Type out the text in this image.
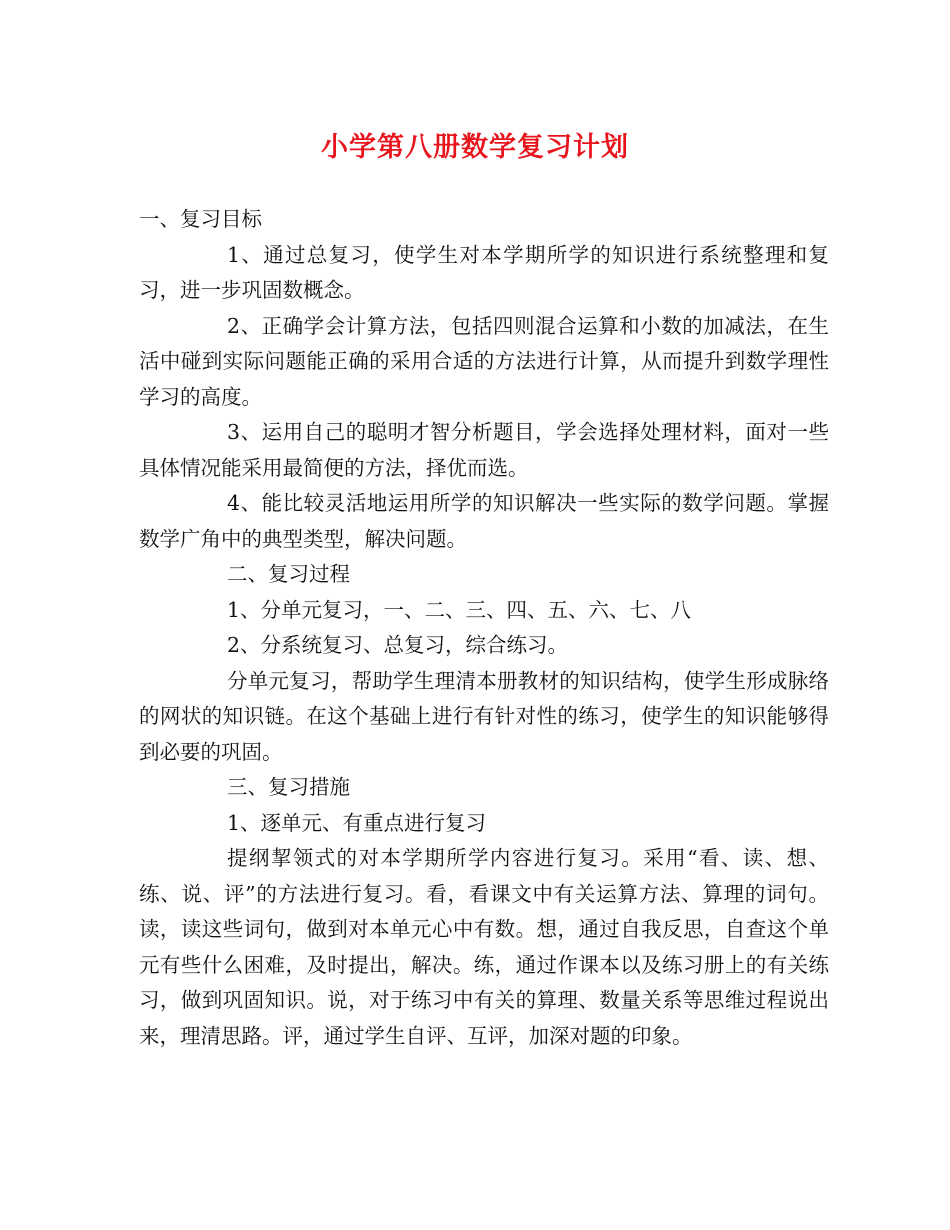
小学第八册数学复习计划

一、复习目标

1、通过总复习，使学生对本学期所学的知识进行系统整理和复习，进一步巩固数概念。

2、正确学会计算方法，包括四则混合运算和小数的加减法，在生活中碰到实际问题能正确的采用合适的方法进行计算，从而提升到数学理性学习的高度。

3、运用自己的聪明才智分析题目，学会选择处理材料，面对一些具体情况能采用最简便的方法，择优而选。

4、能比较灵活地运用所学的知识解决一些实际的数学问题。掌握数学广角中的典型类型，解决问题。

二、复习过程

1、分单元复习，一、二、三、四、五、六、七、八

2、分系统复习、总复习，综合练习。

分单元复习，帮助学生理清本册教材的知识结构，使学生形成脉络的网状的知识链。在这个基础上进行有针对性的练习，使学生的知识能够得到必要的巩固。

三、复习措施

1、逐单元、有重点进行复习

提纲挈领式的对本学期所学内容进行复习。采用“看、读、想、练、说、评”的方法进行复习。看，看课文中有关运算方法、算理的词句。读，读这些词句，做到对本单元心中有数。想，通过自我反思，自查这个单元有些什么困难，及时提出，解决。练，通过作课本以及练习册上的有关练习，做到巩固知识。说，对于练习中有关的算理、数量关系等思维过程说出来，理清思路。评，通过学生自评、互评，加深对题的印象。
